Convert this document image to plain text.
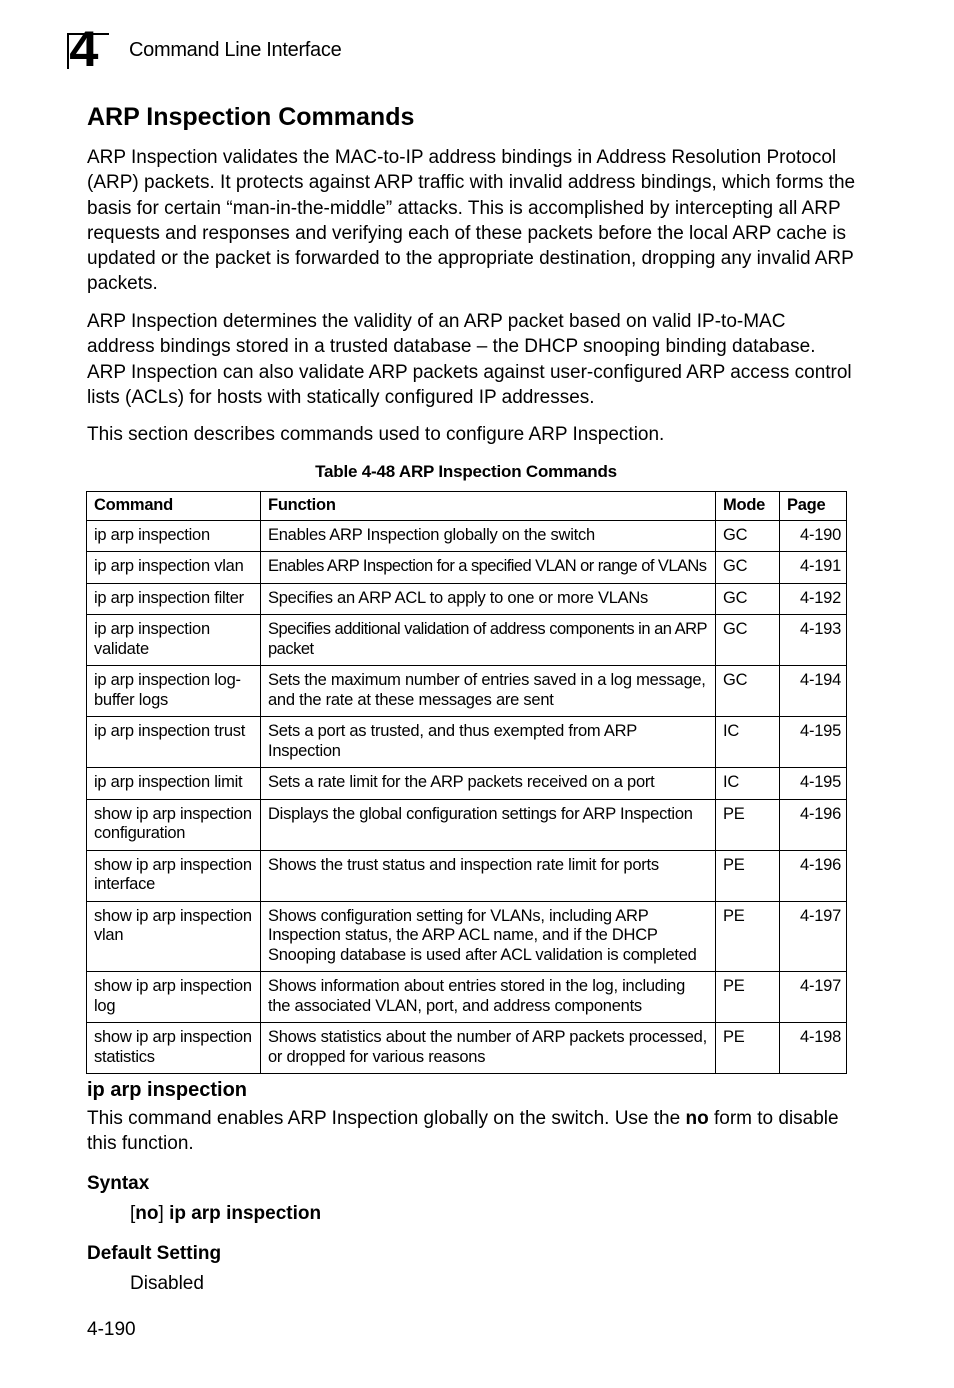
4 Command Line Interface
ARP Inspection Commands

ARP Inspection validates the MAC-to-IP address bindings in Address Resolution Protocol (ARP) packets. It protects against ARP traffic with invalid address bindings, which forms the basis for certain “man-in-the-middle” attacks. This is accomplished by intercepting all ARP requests and responses and verifying each of these packets before the local ARP cache is updated or the packet is forwarded to the appropriate destination, dropping any invalid ARP packets.

ARP Inspection determines the validity of an ARP packet based on valid IP-to-MAC address bindings stored in a trusted database – the DHCP snooping binding database. ARP Inspection can also validate ARP packets against user-configured ARP access control lists (ACLs) for hosts with statically configured IP addresses.

This section describes commands used to configure ARP Inspection.

Table 4-48 ARP Inspection Commands
Command	Function	Mode	Page
ip arp inspection	Enables ARP Inspection globally on the switch	GC	4-190
ip arp inspection vlan	Enables ARP Inspection for a specified VLAN or range of VLANs	GC	4-191
ip arp inspection filter	Specifies an ARP ACL to apply to one or more VLANs	GC	4-192
ip arp inspection validate	Specifies additional validation of address components in an ARP packet	GC	4-193
ip arp inspection log-buffer logs	Sets the maximum number of entries saved in a log message, and the rate at these messages are sent	GC	4-194
ip arp inspection trust	Sets a port as trusted, and thus exempted from ARP Inspection	IC	4-195
ip arp inspection limit	Sets a rate limit for the ARP packets received on a port	IC	4-195
show ip arp inspection configuration	Displays the global configuration settings for ARP Inspection	PE	4-196
show ip arp inspection interface	Shows the trust status and inspection rate limit for ports	PE	4-196
show ip arp inspection vlan	Shows configuration setting for VLANs, including ARP Inspection status, the ARP ACL name, and if the DHCP Snooping database is used after ACL validation is completed	PE	4-197
show ip arp inspection log	Shows information about entries stored in the log, including the associated VLAN, port, and address components	PE	4-197
show ip arp inspection statistics	Shows statistics about the number of ARP packets processed, or dropped for various reasons	PE	4-198
ip arp inspection

This command enables ARP Inspection globally on the switch. Use the no form to disable this function.

Syntax

[no] ip arp inspection

Default Setting

Disabled

4-190
